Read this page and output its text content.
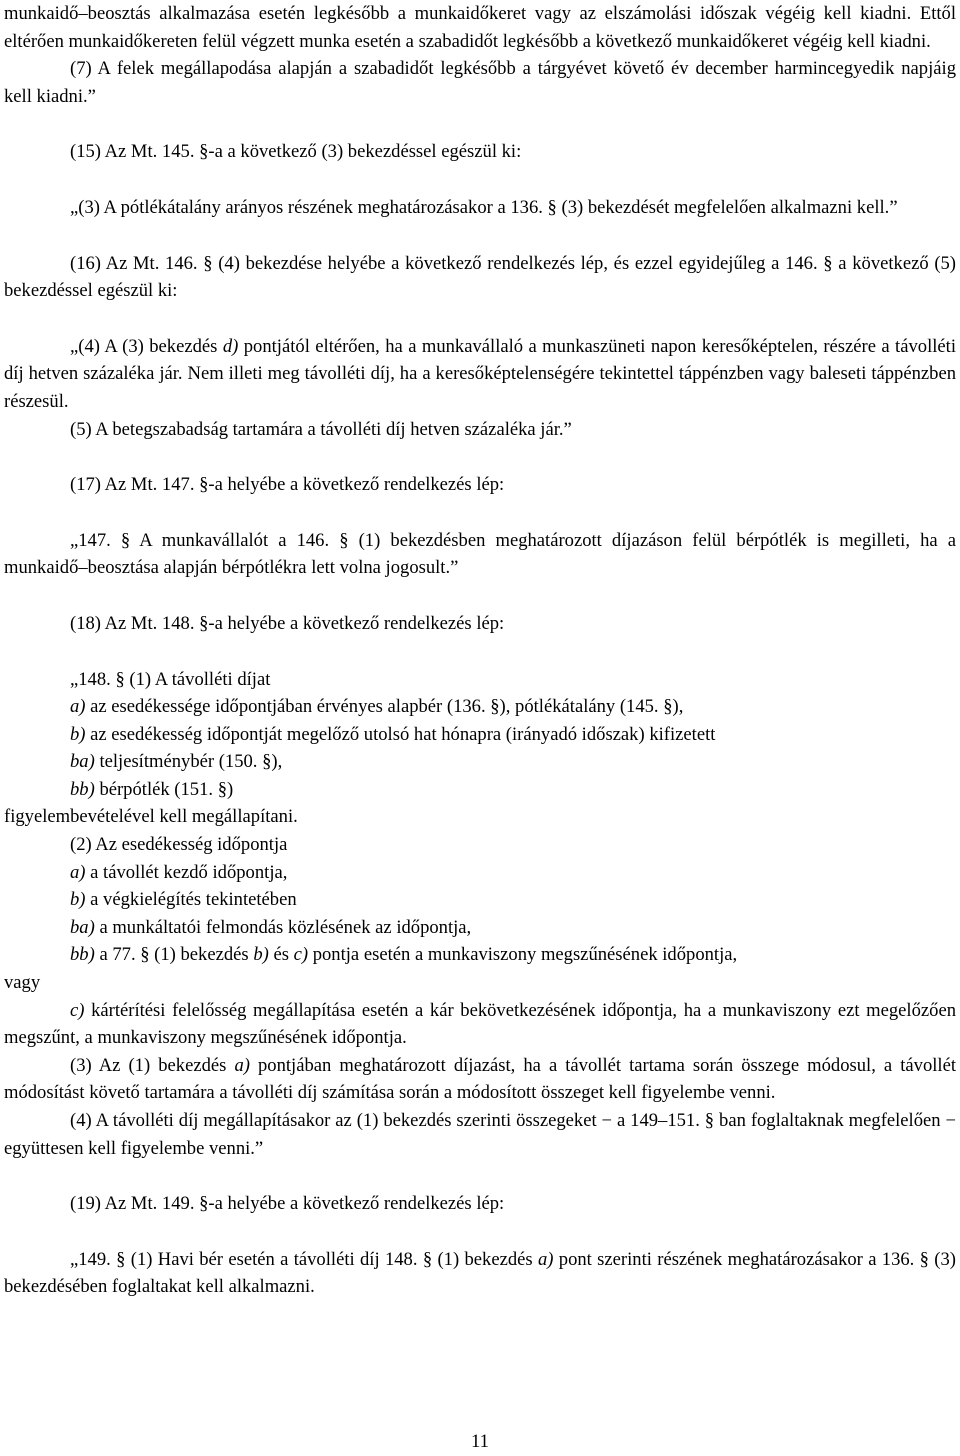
munkaidő–beosztás alkalmazása esetén legkésőbb a munkaidőkeret vagy az elszámolási időszak végéig kell kiadni. Ettől eltérően munkaidőkereten felül végzett munka esetén a szabadidőt legkésőbb a következő munkaidőkeret végéig kell kiadni.

(7) A felek megállapodása alapján a szabadidőt legkésőbb a tárgyévet követő év december harmincegyedik napjáig kell kiadni.”

(15) Az Mt. 145. §-a a következő (3) bekezdéssel egészül ki:

„(3) A pótlékátalány arányos részének meghatározásakor a 136. § (3) bekezdését megfelelően alkalmazni kell.”

(16) Az Mt. 146. § (4) bekezdése helyébe a következő rendelkezés lép, és ezzel egyidejűleg a 146. § a következő (5) bekezdéssel egészül ki:

„(4) A (3) bekezdés d) pontjától eltérően, ha a munkavállaló a munkaszüneti napon keresőképtelen, részére a távolléti díj hetven százaléka jár. Nem illeti meg távolléti díj, ha a keresőképtelenségére tekintettel táppénzben vagy baleseti táppénzben részesül.

(5) A betegszabadság tartamára a távolléti díj hetven százaléka jár.”

(17) Az Mt. 147. §-a helyébe a következő rendelkezés lép:

„147. § A munkavállalót a 146. § (1) bekezdésben meghatározott díjazáson felül bérpótlék is megilleti, ha a munkaidő–beosztása alapján bérpótlékra lett volna jogosult.”

(18) Az Mt. 148. §-a helyébe a következő rendelkezés lép:

„148. § (1) A távolléti díjat

a) az esedékessége időpontjában érvényes alapbér (136. §), pótlékátalány (145. §),

b) az esedékesség időpontját megelőző utolsó hat hónapra (irányadó időszak) kifizetett

ba) teljesítménybér (150. §),

bb) bérpótlék (151. §)

figyelembevételével kell megállapítani.

(2) Az esedékesség időpontja

a) a távollét kezdő időpontja,

b) a végkielégítés tekintetében

ba) a munkáltatói felmondás közlésének az időpontja,

bb) a 77. § (1) bekezdés b) és c) pontja esetén a munkaviszony megszűnésének időpontja,

vagy

c) kártérítési felelősség megállapítása esetén a kár bekövetkezésének időpontja, ha a munkaviszony ezt megelőzően megszűnt, a munkaviszony megszűnésének időpontja.

(3) Az (1) bekezdés a) pontjában meghatározott díjazást, ha a távollét tartama során összege módosul, a távollét módosítást követő tartamára a távolléti díj számítása során a módosított összeget kell figyelembe venni.

(4) A távolléti díj megállapításakor az (1) bekezdés szerinti összegeket − a 149–151. § ban foglaltaknak megfelelően − együttesen kell figyelembe venni.”

(19) Az Mt. 149. §-a helyébe a következő rendelkezés lép:

„149. § (1) Havi bér esetén a távolléti díj 148. § (1) bekezdés a) pont szerinti részének meghatározásakor a 136. § (3) bekezdésében foglaltakat kell alkalmazni.

11
